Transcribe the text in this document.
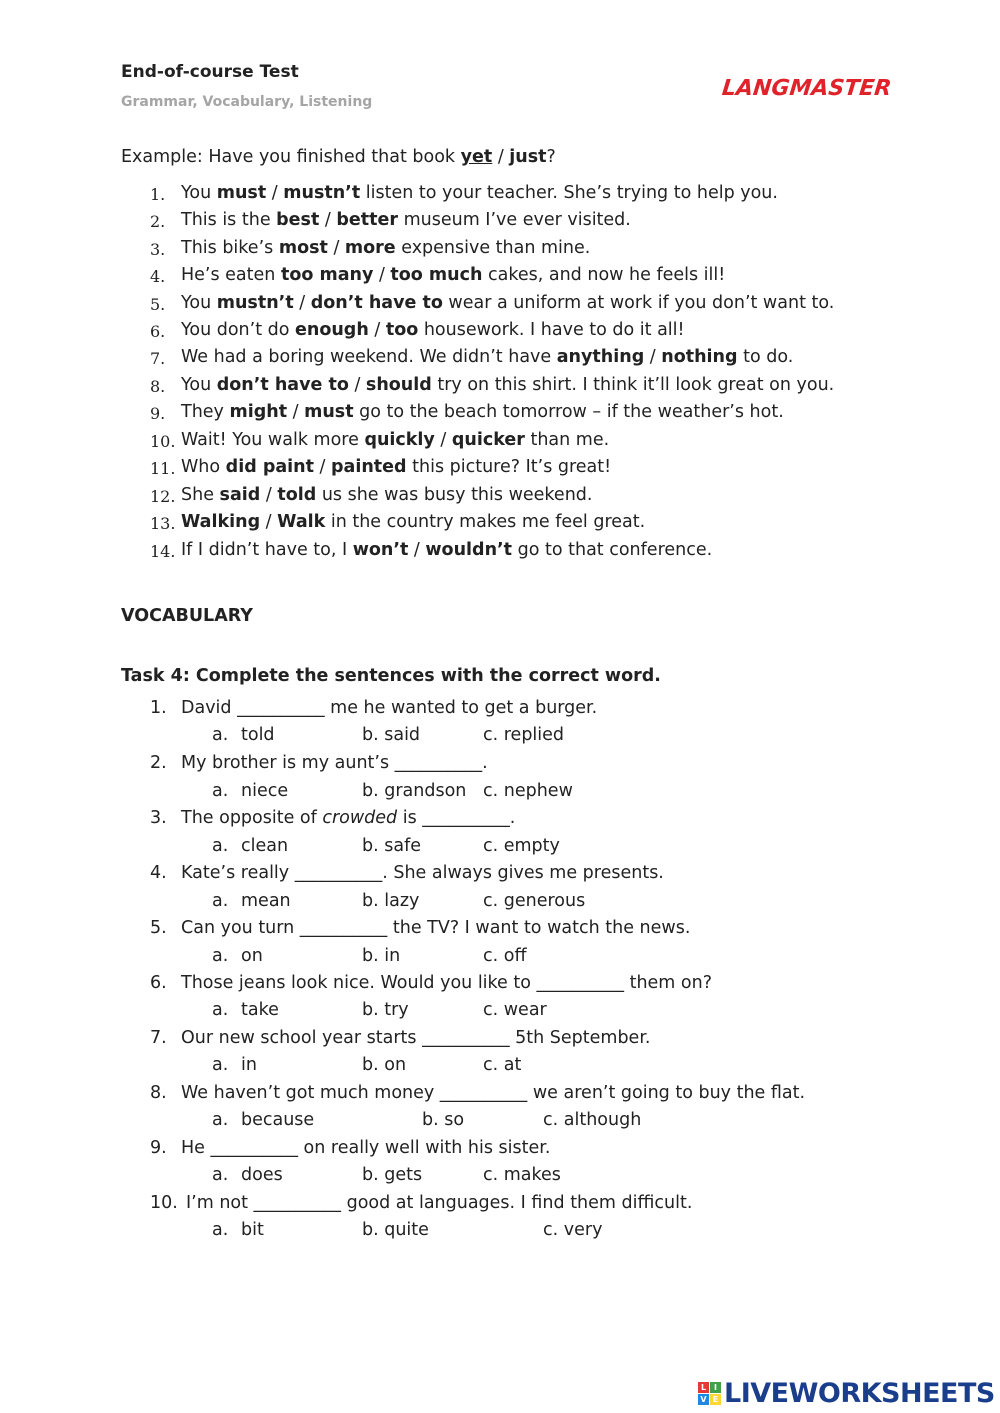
End-of-course Test
Grammar, Vocabulary, Listening
LANGMASTER
Example: Have you finished that book yet / just?
1. You must / mustn’t listen to your teacher. She’s trying to help you.
2. This is the best / better museum I’ve ever visited.
3. This bike’s most / more expensive than mine.
4. He’s eaten too many / too much cakes, and now he feels ill!
5. You mustn’t / don’t have to wear a uniform at work if you don’t want to.
6. You don’t do enough / too housework. I have to do it all!
7. We had a boring weekend. We didn’t have anything / nothing to do.
8. You don’t have to / should try on this shirt. I think it’ll look great on you.
9. They might / must go to the beach tomorrow – if the weather’s hot.
10. Wait! You walk more quickly / quicker than me.
11. Who did paint / painted this picture? It’s great!
12. She said / told us she was busy this weekend.
13. Walking / Walk in the country makes me feel great.
14. If I didn’t have to, I won’t / wouldn’t go to that conference.
VOCABULARY
Task 4: Complete the sentences with the correct word.
1. David __________ me he wanted to get a burger.
a. told	b. said	c. replied
2. My brother is my aunt’s __________.
a. niece	b. grandson c. nephew
3. The opposite of crowded is __________.
a. clean	b. safe	c. empty
4. Kate’s really __________. She always gives me presents.
a. mean	b. lazy	c. generous
5. Can you turn __________ the TV? I want to watch the news.
a. on	b. in	c. off
6. Those jeans look nice. Would you like to __________ them on?
a. take	b. try	c. wear
7. Our new school year starts __________ 5th September.
a. in	b. on	c. at
8. We haven’t got much money __________ we aren’t going to buy the flat.
a. because	b. so	c. although
9. He __________ on really well with his sister.
a. does	b. gets	c. makes
10. I’m not __________ good at languages. I find them difficult.
a. bit	b. quite	c. very
L I
V E LIVEWORKSHEETS
